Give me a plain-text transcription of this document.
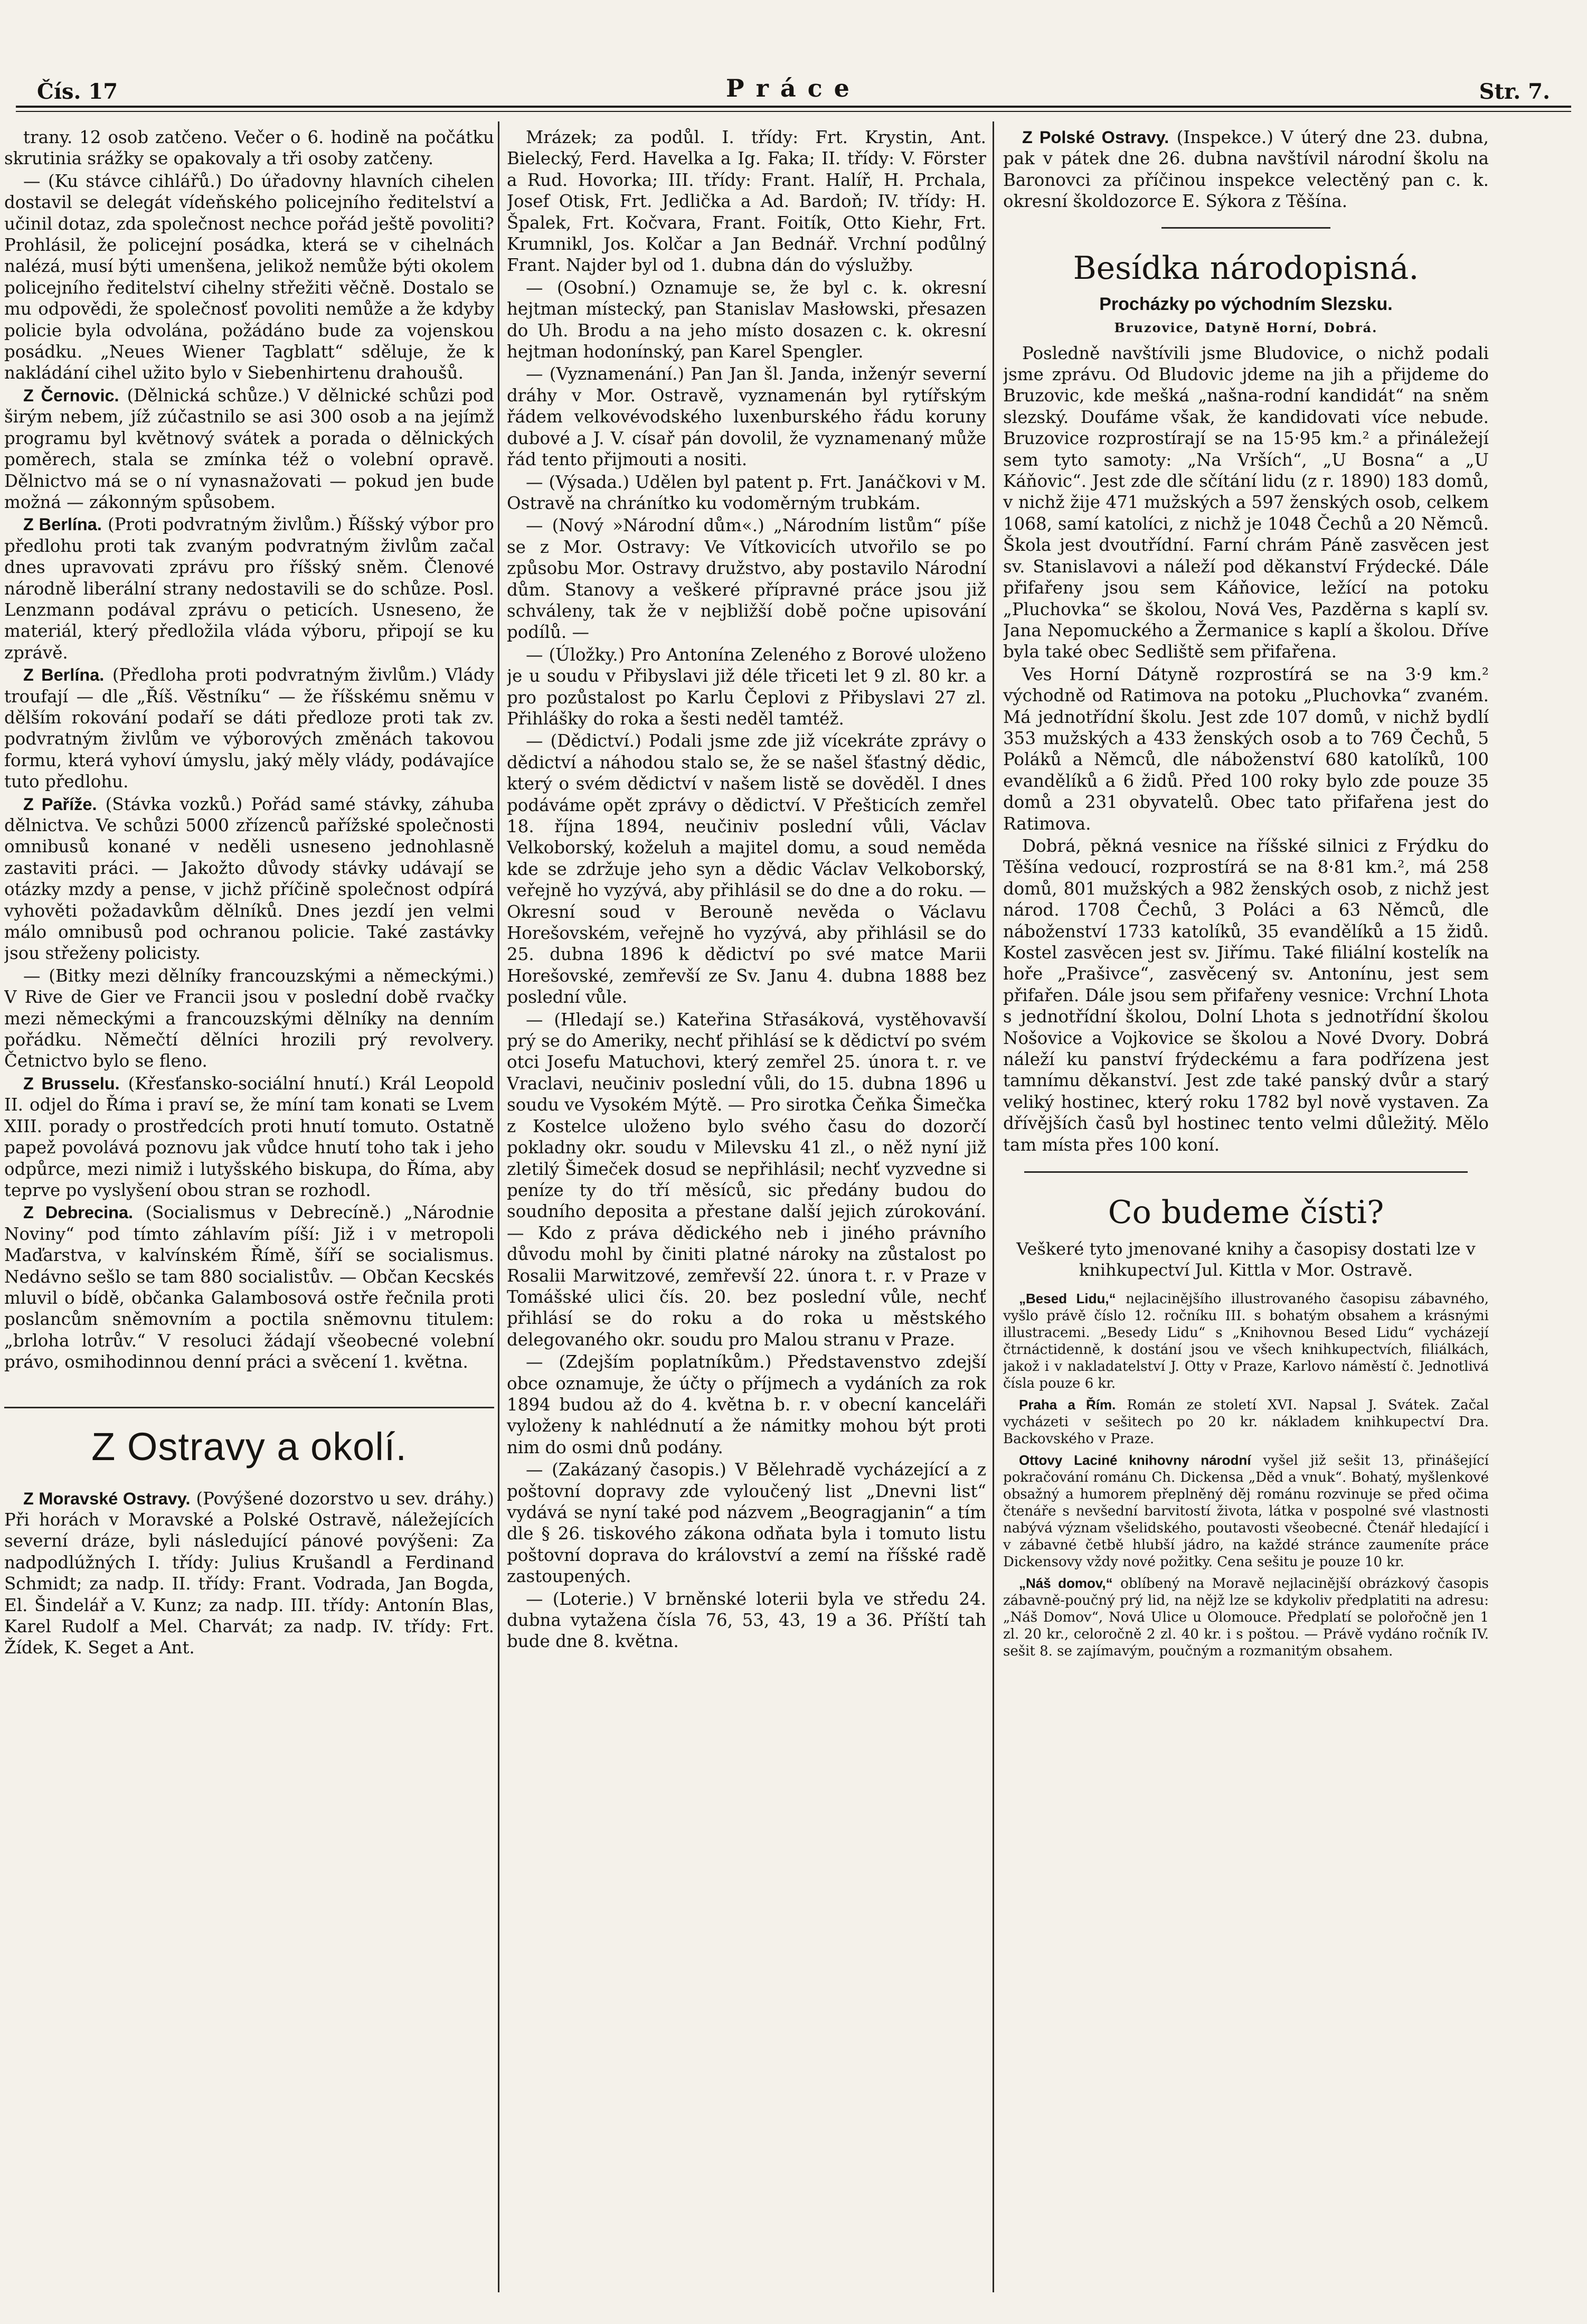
Čís. 17	Práce	Str. 7.

trany. 12 osob zatčeno. Večer o 6. hodině na počátku skrutinia srážky se opakovaly a tři osoby zatčeny.

— (Ku stávce cihlářů.) Do úřadovny hlavních cihelen dostavil se delegát vídeňského policejního ředitelství a učinil dotaz, zda společnost nechce pořád ještě povoliti? Prohlásil, že policejní posádka, která se v cihelnách nalézá, musí býti umenšena, jelikož nemůže býti okolem policejního ředitelství cihelny střežiti věčně. Dostalo se mu odpovědi, že společnosť povoliti nemůže a že kdyby policie byla odvolána, požádáno bude za vojenskou posádku. „Neues Wiener Tagblatt“ sděluje, že k nakládání cihel užito bylo v Siebenhirtenu drahoušů.

Z Černovic. (Dělnická schůze.) V dělnické schůzi pod širým nebem, jíž zúčastnilo se asi 300 osob a na jejímž programu byl květnový svátek a porada o dělnických poměrech, stala se zmínka též o volební opravě. Dělnictvo má se o ní vynasnažovati — pokud jen bude možná — zákonným spůsobem.

Z Berlína. (Proti podvratným živlům.) Říšský výbor pro předlohu proti tak zvaným podvratným živlům začal dnes upravovati zprávu pro říšský sněm. Členové národně liberální strany nedostavili se do schůze. Posl. Lenzmann podával zprávu o peticích. Usneseno, že materiál, který předložila vláda výboru, připojí se ku zprávě.

Z Berlína. (Předloha proti podvratným živlům.) Vlády troufají — dle „Říš. Věstníku“ — že říšskému sněmu v dělším rokování podaří se dáti předloze proti tak zv. podvratným živlům ve výborových změnách takovou formu, která vyhoví úmyslu, jaký měly vlády, podávajíce tuto předlohu.

Z Paříže. (Stávka vozků.) Pořád samé stávky, záhuba dělnictva. Ve schůzi 5000 zřízenců pařížské společnosti omnibusů konané v neděli usneseno jednohlasně zastaviti práci. — Jakožto důvody stávky udávají se otázky mzdy a pense, v jichž příčině společnost odpírá vyhověti požadavkům dělníků. Dnes jezdí jen velmi málo omnibusů pod ochranou policie. Také zastávky jsou střeženy policisty.

— (Bitky mezi dělníky francouzskými a německými.) V Rive de Gier ve Francii jsou v poslední době rvačky mezi německými a francouzskými dělníky na denním pořádku. Němečtí dělníci hrozili prý revolvery. Četnictvo bylo se fleno.

Z Brusselu. (Křesťansko-sociální hnutí.) Král Leopold II. odjel do Říma i praví se, že míní tam konati se Lvem XIII. porady o prostředcích proti hnutí tomuto. Ostatně papež povolává poznovu jak vůdce hnutí toho tak i jeho odpůrce, mezi nimiž i lutyšského biskupa, do Říma, aby teprve po vyslyšení obou stran se rozhodl.

Z Debrecina. (Socialismus v Debrecíně.) „Národnie Noviny“ pod tímto záhlavím píší: Již i v metropoli Maďarstva, v kalvínském Římě, šíří se socialismus. Nedávno sešlo se tam 880 socialistův. — Občan Kecskés mluvil o bídě, občanka Galambosová ostře řečnila proti poslancům sněmovním a poctila sněmovnu titulem: „brloha lotrův.“ V resoluci žádají všeobecné volební právo, osmihodinnou denní práci a svěcení 1. května.

Z Ostravy a okolí.

Z Moravské Ostravy. (Povýšené dozorstvo u sev. dráhy.) Při horách v Moravské a Polské Ostravě, náležejících severní dráze, byli následující pánové povýšeni: Za nadpodlúžných I. třídy: Julius Krušandl a Ferdinand Schmidt; za nadp. II. třídy: Frant. Vodrada, Jan Bogda, El. Šindelář a V. Kunz; za nadp. III. třídy: Antonín Blas, Karel Rudolf a Mel. Charvát; za nadp. IV. třídy: Frt. Žídek, K. Seget a Ant.

Mrázek; za podůl. I. třídy: Frt. Krystin, Ant. Bielecký, Ferd. Havelka a Ig. Faka; II. třídy: V. Förster a Rud. Hovorka; III. třídy: Frant. Halíř, H. Prchala, Josef Otisk, Frt. Jedlička a Ad. Bardoň; IV. třídy: H. Špalek, Frt. Kočvara, Frant. Foitík, Otto Kiehr, Frt. Krumnikl, Jos. Kolčar a Jan Bednář. Vrchní podůlný Frant. Najder byl od 1. dubna dán do výslužby.

— (Osobní.) Oznamuje se, že byl c. k. okresní hejtman místecký, pan Stanislav Masłowski, přesazen do Uh. Brodu a na jeho místo dosazen c. k. okresní hejtman hodonínský, pan Karel Spengler.

— (Vyznamenání.) Pan Jan šl. Janda, inženýr severní dráhy v Mor. Ostravě, vyznamenán byl rytířským řádem velkovévodského luxenburského řádu koruny dubové a J. V. císař pán dovolil, že vyznamenaný může řád tento přijmouti a nositi.

— (Výsada.) Udělen byl patent p. Frt. Janáčkovi v M. Ostravě na chránítko ku vodoměrným trubkám.

— (Nový »Národní dům«.) „Národním listům“ píše se z Mor. Ostravy: Ve Vítkovicích utvořilo se po způsobu Mor. Ostravy družstvo, aby postavilo Národní dům. Stanovy a veškeré přípravné práce jsou již schváleny, tak že v nejbližší době počne upisování podílů. —

— (Úložky.) Pro Antonína Zeleného z Borové uloženo je u soudu v Přibyslavi již déle třiceti let 9 zl. 80 kr. a pro pozůstalost po Karlu Čeplovi z Přibyslavi 27 zl. Přihlášky do roka a šesti neděl tamtéž.

— (Dědictví.) Podali jsme zde již vícekráte zprávy o dědictví a náhodou stalo se, že se našel šťastný dědic, který o svém dědictví v našem listě se dověděl. I dnes podáváme opět zprávy o dědictví. V Přešticích zemřel 18. října 1894, neučiniv poslední vůli, Václav Velkoborský, koželuh a majitel domu, a soud neměda kde se zdržuje jeho syn a dědic Václav Velkoborský, veřejně ho vyzývá, aby přihlásil se do dne a do roku. — Okresní soud v Berouně nevěda o Václavu Horešovském, veřejně ho vyzývá, aby přihlásil se do 25. dubna 1896 k dědictví po své matce Marii Horešovské, zemřevší ze Sv. Janu 4. dubna 1888 bez poslední vůle.

— (Hledají se.) Kateřina Střasáková, vystěhovavší prý se do Ameriky, nechť přihlásí se k dědictví po svém otci Josefu Matuchovi, který zemřel 25. února t. r. ve Vraclavi, neučiniv poslední vůli, do 15. dubna 1896 u soudu ve Vysokém Mýtě. — Pro sirotka Čeňka Šimečka z Kostelce uloženo bylo svého času do dozorčí pokladny okr. soudu v Milevsku 41 zl., o něž nyní již zletilý Šimeček dosud se nepřihlásil; nechť vyzvedne si peníze ty do tří měsíců, sic předány budou do soudního deposita a přestane další jejich zúrokování. — Kdo z práva dědického neb i jiného právního důvodu mohl by činiti platné nároky na zůstalost po Rosalii Marwitzové, zemřevší 22. února t. r. v Praze v Tomášské ulici čís. 20. bez poslední vůle, nechť přihlásí se do roku a do roka u městského delegovaného okr. soudu pro Malou stranu v Praze.

— (Zdejším poplatníkům.) Představenstvo zdejší obce oznamuje, že účty o příjmech a vydáních za rok 1894 budou až do 4. května b. r. v obecní kanceláři vyloženy k nahlédnutí a že námitky mohou být proti nim do osmi dnů podány.

— (Zakázaný časopis.) V Bělehradě vycházející a z poštovní dopravy zde vyloučený list „Dnevni list“ vydává se nyní také pod názvem „Beogragjanin“ a tím dle § 26. tiskového zákona odňata byla i tomuto listu poštovní doprava do království a zemí na říšské radě zastoupených.

— (Loterie.) V brněnské loterii byla ve středu 24. dubna vytažena čísla 76, 53, 43, 19 a 36. Příští tah bude dne 8. května.

Z Polské Ostravy. (Inspekce.) V úterý dne 23. dubna, pak v pátek dne 26. dubna navštívil národní školu na Baronovci za příčinou inspekce velectěný pan c. k. okresní školdozorce E. Sýkora z Těšína.

Besídka národopisná.
Procházky po východním Slezsku.
Bruzovice, Datyně Horní, Dobrá.

Posledně navštívili jsme Bludovice, o nichž podali jsme zprávu. Od Bludovic jdeme na jih a přijdeme do Bruzovic, kde mešká „našna-rodní kandidát“ na sněm slezský. Doufáme však, že kandidovati více nebude. Bruzovice rozprostírají se na 15·95 km.² a přináležejí sem tyto samoty: „Na Vrších“, „U Bosna“ a „U Káňovic“. Jest zde dle sčítání lidu (z r. 1890) 183 domů, v nichž žije 471 mužských a 597 ženských osob, celkem 1068, samí katolíci, z nichž je 1048 Čechů a 20 Němců. Škola jest dvoutřídní. Farní chrám Páně zasvěcen jest sv. Stanislavovi a náleží pod děkanství Frýdecké. Dále přifařeny jsou sem Káňovice, ležící na potoku „Pluchovka“ se školou, Nová Ves, Pazděrna s kaplí sv. Jana Nepomuckého a Žermanice s kaplí a školou. Dříve byla také obec Sedliště sem přifařena.

Ves Horní Dátyně rozprostírá se na 3·9 km.² východně od Ratimova na potoku „Pluchovka“ zvaném. Má jednotřídní školu. Jest zde 107 domů, v nichž bydlí 353 mužských a 433 ženských osob a to 769 Čechů, 5 Poláků a Němců, dle náboženství 680 katolíků, 100 evandělíků a 6 židů. Před 100 roky bylo zde pouze 35 domů a 231 obyvatelů. Obec tato přifařena jest do Ratimova.

Dobrá, pěkná vesnice na říšské silnici z Frýdku do Těšína vedoucí, rozprostírá se na 8·81 km.², má 258 domů, 801 mužských a 982 ženských osob, z nichž jest národ. 1708 Čechů, 3 Poláci a 63 Němců, dle náboženství 1733 katolíků, 35 evandělíků a 15 židů. Kostel zasvěcen jest sv. Jiřímu. Také filiální kostelík na hoře „Prašivce“, zasvěcený sv. Antonínu, jest sem přifařen. Dále jsou sem přifařeny vesnice: Vrchní Lhota s jednotřídní školou, Dolní Lhota s jednotřídní školou Nošovice a Vojkovice se školou a Nové Dvory. Dobrá náleží ku panství frýdeckému a fara podřízena jest tamnímu děkanství. Jest zde také panský dvůr a starý veliký hostinec, který roku 1782 byl nově vystaven. Za dřívějších časů byl hostinec tento velmi důležitý. Mělo tam místa přes 100 koní.

Co budeme čísti?
Veškeré tyto jmenované knihy a časopisy dostati lze v knihkupectví Jul. Kittla v Mor. Ostravě.

„Besed Lidu,“ nejlacinějšího illustrovaného časopisu zábavného, vyšlo právě číslo 12. ročníku III. s bohatým obsahem a krásnými illustracemi. „Besedy Lidu“ s „Knihovnou Besed Lidu“ vycházejí čtrnáctidenně, k dostání jsou ve všech knihkupectvích, filiálkách, jakož i v nakladatelství J. Otty v Praze, Karlovo náměstí č. Jednotlivá čísla pouze 6 kr.

Praha a Řím. Román ze století XVI. Napsal J. Svátek. Začal vycházeti v sešitech po 20 kr. nákladem knihkupectví Dra. Backovského v Praze.

Ottovy Laciné knihovny národní vyšel již sešit 13, přinášející pokračování románu Ch. Dickensa „Děd a vnuk“. Bohatý, myšlenkové obsažný a humorem přeplněný děj románu rozvinuje se před očima čtenáře s nevšední barvitostí života, látka v pospolné své vlastnosti nabývá význam všelidského, poutavosti všeobecné. Čtenář hledající i v zábavné četbě hlubší jádro, na každé stránce zaumeníte práce Dickensovy vždy nové požitky. Cena sešitu je pouze 10 kr.

„Náš domov,“ oblíbený na Moravě nejlacinější obrázkový časopis zábavně-poučný prý lid, na nějž lze se kdykoliv předplatiti na adresu: „Náš Domov“, Nová Ulice u Olomouce. Předplatí se polořočně jen 1 zl. 20 kr., celoročně 2 zl. 40 kr. i s poštou. — Právě vydáno ročník IV. sešit 8. se zajímavým, poučným a rozmanitým obsahem.
